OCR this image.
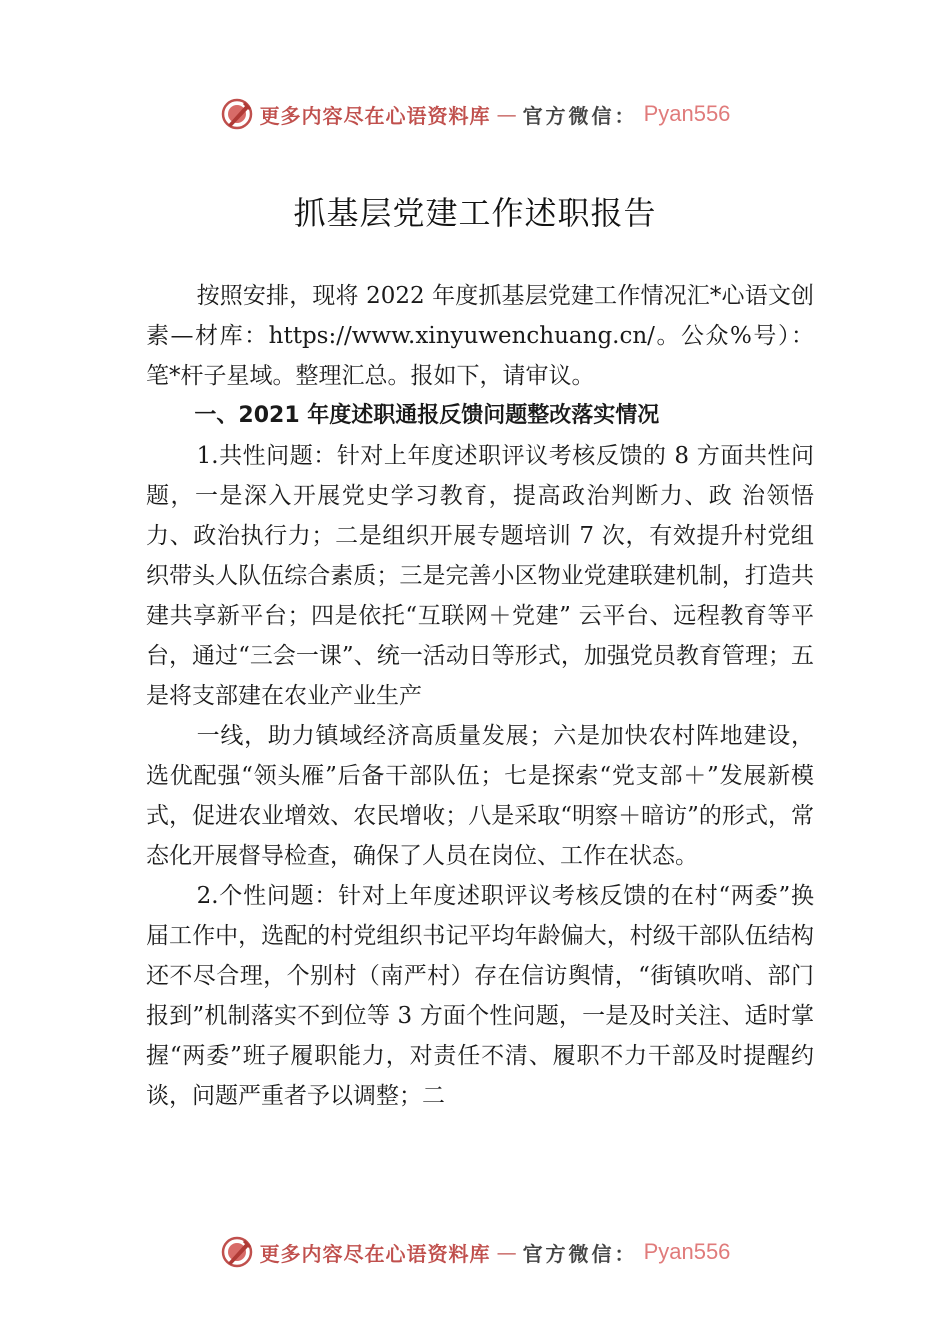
更多内容尽在心语资料库 — 官方微信： Pyan556
抓基层党建工作述职报告

按照安排，现将 2022 年度抓基层党建工作情况汇*心语文创素—材库：https://www.xinyuwenchuang.cn/。公众%号）：笔*杆子星域。整理汇总。报如下，请审议。

一、2021 年度述职通报反馈问题整改落实情况

1.共性问题：针对上年度述职评议考核反馈的 8 方面共性问题，一是深入开展党史学习教育，提高政治判断力、政 治领悟力、政治执行力；二是组织开展专题培训 7 次，有效提升村党组织带头人队伍综合素质；三是完善小区物业党建联建机制，打造共建共享新平台；四是依托“互联网＋党建” 云平台、远程教育等平台，通过“三会一课”、统一活动日等形式，加强党员教育管理；五是将支部建在农业产业生产

一线，助力镇域经济高质量发展；六是加快农村阵地建设，选优配强“领头雁”后备干部队伍；七是探索“党支部＋”发展新模式，促进农业增效、农民增收；八是采取“明察＋暗访”的形式，常态化开展督导检查，确保了人员在岗位、工作在状态。

2.个性问题：针对上年度述职评议考核反馈的在村“两委”换届工作中，选配的村党组织书记平均年龄偏大，村级干部队伍结构还不尽合理，个别村（南严村）存在信访舆情，“街镇吹哨、部门报到”机制落实不到位等 3 方面个性问题，一是及时关注、适时掌握“两委”班子履职能力，对责任不清、履职不力干部及时提醒约谈，问题严重者予以调整；二

更多内容尽在心语资料库 — 官方微信： Pyan556
